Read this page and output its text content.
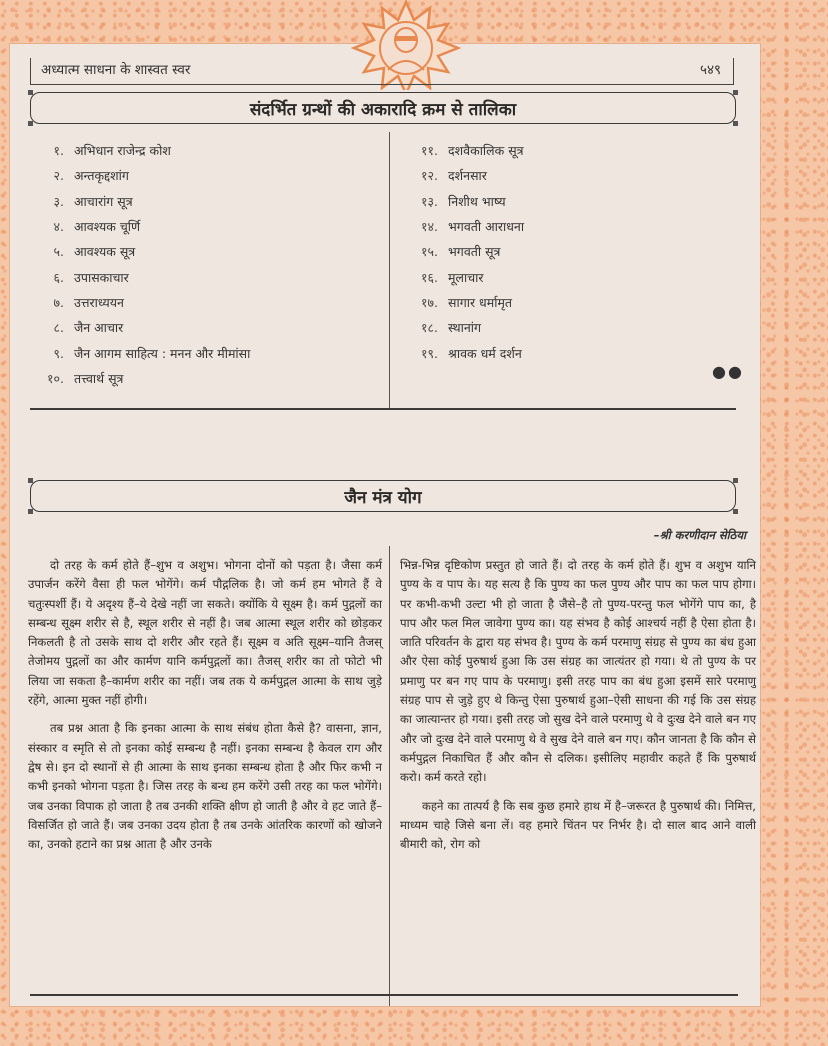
अध्यात्म साधना के शास्वत स्वर	५४९
संदर्भित ग्रन्थों की अकारादि क्रम से तालिका
१. अभिधान राजेन्द्र कोश
२. अन्तकृद्दशांग
३. आचारांग सूत्र
४. आवश्यक चूर्णि
५. आवश्यक सूत्र
६. उपासकाचार
७. उत्तराध्ययन
८. जैन आचार
९. जैन आगम साहित्य : मनन और मीमांसा
१०. तत्त्वार्थ सूत्र
११. दशवैकालिक सूत्र
१२. दर्शनसार
१३. निशीथ भाष्य
१४. भगवती आराधना
१५. भगवती सूत्र
१६. मूलाचार
१७. सागार धर्मामृत
१८. स्थानांग
१९. श्रावक धर्म दर्शन
●●
जैन मंत्र योग
–श्री करणीदान सेठिया

दो तरह के कर्म होते हैं–शुभ व अशुभ। भोगना दोनों को पड़ता है। जैसा कर्म उपार्जन करेंगे वैसा ही फल भोगेंगे। कर्म पौद्गलिक है। जो कर्म हम भोगते हैं वे चतुःस्पर्शी हैं। ये अदृश्य हैं–ये देखे नहीं जा सकते। क्योंकि ये सूक्ष्म है। कर्म पुद्गलों का सम्बन्ध सूक्ष्म शरीर से है, स्थूल शरीर से नहीं है। जब आत्मा स्थूल शरीर को छोड़कर निकलती है तो उसके साथ दो शरीर और रहते हैं। सूक्ष्म व अति सूक्ष्म–यानि तैजस् तेजोमय पुद्गलों का और कार्मण यानि कर्मपुद्गलों का। तैजस् शरीर का तो फोटो भी लिया जा सकता है–कार्मण शरीर का नहीं। जब तक ये कर्मपुद्गल आत्मा के साथ जुड़े रहेंगे, आत्मा मुक्त नहीं होगी।

तब प्रश्न आता है कि इनका आत्मा के साथ संबंध होता कैसे है? वासना, ज्ञान, संस्कार व स्मृति से तो इनका कोई सम्बन्ध है नहीं। इनका सम्बन्ध है केवल राग और द्वेष से। इन दो स्थानों से ही आत्मा के साथ इनका सम्बन्ध होता है और फिर कभी न कभी इनको भोगना पड़ता है। जिस तरह के बन्ध हम करेंगे उसी तरह का फल भोगेंगे। जब उनका विपाक हो जाता है तब उनकी शक्ति क्षीण हो जाती है और वे हट जाते हैं–विसर्जित हो जाते हैं। जब उनका उदय होता है तब उनके आंतरिक कारणों को खोजने का, उनको हटाने का प्रश्न आता है और उनके

भिन्न-भिन्न दृष्टिकोण प्रस्तुत हो जाते हैं। दो तरह के कर्म होते हैं। शुभ व अशुभ यानि पुण्य के व पाप के। यह सत्य है कि पुण्य का फल पुण्य और पाप का फल पाप होगा। पर कभी-कभी उल्टा भी हो जाता है जैसे–है तो पुण्य-परन्तु फल भोगेंगे पाप का, है पाप और फल मिल जावेगा पुण्य का। यह संभव है कोई आश्चर्य नहीं है ऐसा होता है। जाति परिवर्तन के द्वारा यह संभव है। पुण्य के कर्म परमाणु संग्रह से पुण्य का बंध हुआ और ऐसा कोई पुरुषार्थ हुआ कि उस संग्रह का जात्यंतर हो गया। थे तो पुण्य के पर प्रमाणु पर बन गए पाप के परमाणु। इसी तरह पाप का बंध हुआ इसमें सारे परमाणु संग्रह पाप से जुड़े हुए थे किन्तु ऐसा पुरुषार्थ हुआ–ऐसी साधना की गई कि उस संग्रह का जात्यान्तर हो गया। इसी तरह जो सुख देने वाले परमाणु थे वे दुःख देने वाले बन गए और जो दुःख देने वाले परमाणु थे वे सुख देने वाले बन गए। कौन जानता है कि कौन से कर्मपुद्गल निकाचित हैं और कौन से दलिक। इसीलिए महावीर कहते हैं कि पुरुषार्थ करो। कर्म करते रहो।

कहने का तात्पर्य है कि सब कुछ हमारे हाथ में है–जरूरत है पुरुषार्थ की। निमित्त, माध्यम चाहे जिसे बना लें। वह हमारे चिंतन पर निर्भर है। दो साल बाद आने वाली बीमारी को, रोग को
